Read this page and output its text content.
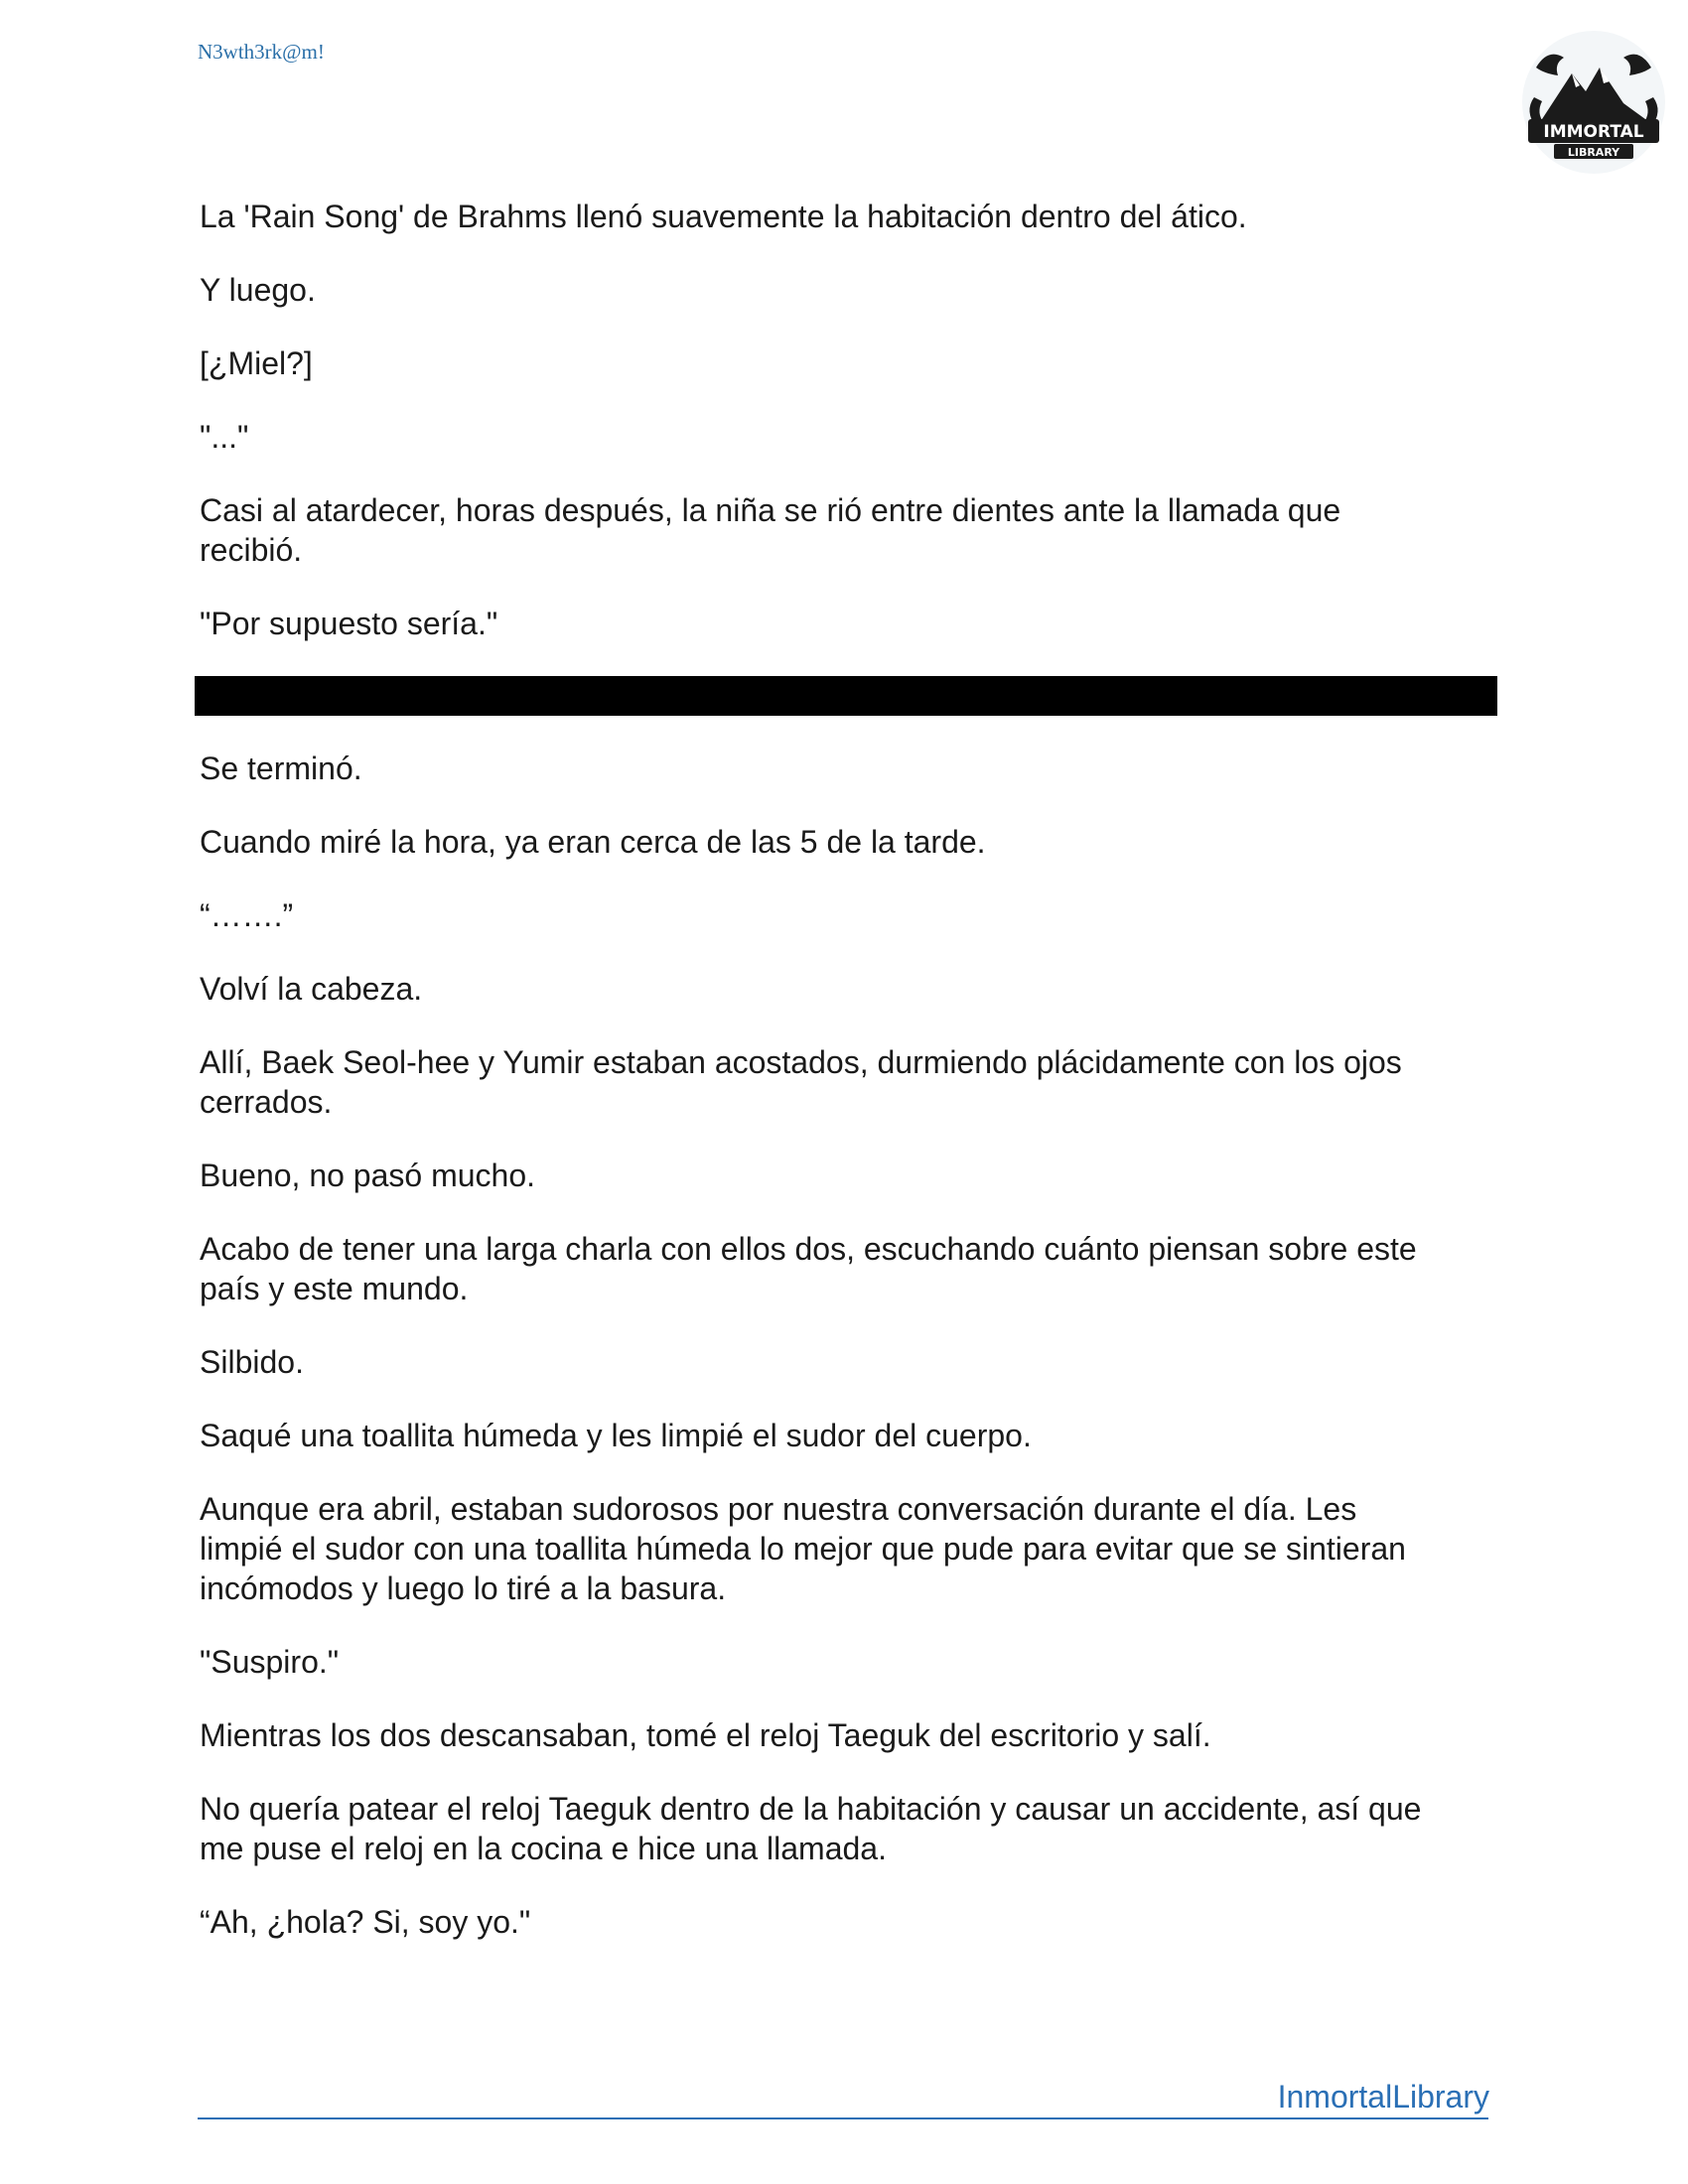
N3wth3rk@m!
IMMORTAL
LIBRARY

La 'Rain Song' de Brahms llenó suavemente la habitación dentro del ático.

Y luego.

[¿Miel?]

"..."

Casi al atardecer, horas después, la niña se rió entre dientes ante la llamada que
recibió.

"Por supuesto sería."

Se terminó.

Cuando miré la hora, ya eran cerca de las 5 de la tarde.

“…….”

Volví la cabeza.

Allí, Baek Seol-hee y Yumir estaban acostados, durmiendo plácidamente con los ojos
cerrados.

Bueno, no pasó mucho.

Acabo de tener una larga charla con ellos dos, escuchando cuánto piensan sobre este
país y este mundo.

Silbido.

Saqué una toallita húmeda y les limpié el sudor del cuerpo.

Aunque era abril, estaban sudorosos por nuestra conversación durante el día. Les
limpié el sudor con una toallita húmeda lo mejor que pude para evitar que se sintieran
incómodos y luego lo tiré a la basura.

"Suspiro."

Mientras los dos descansaban, tomé el reloj Taeguk del escritorio y salí.

No quería patear el reloj Taeguk dentro de la habitación y causar un accidente, así que
me puse el reloj en la cocina e hice una llamada.

“Ah, ¿hola? Si, soy yo."

InmortalLibrary
